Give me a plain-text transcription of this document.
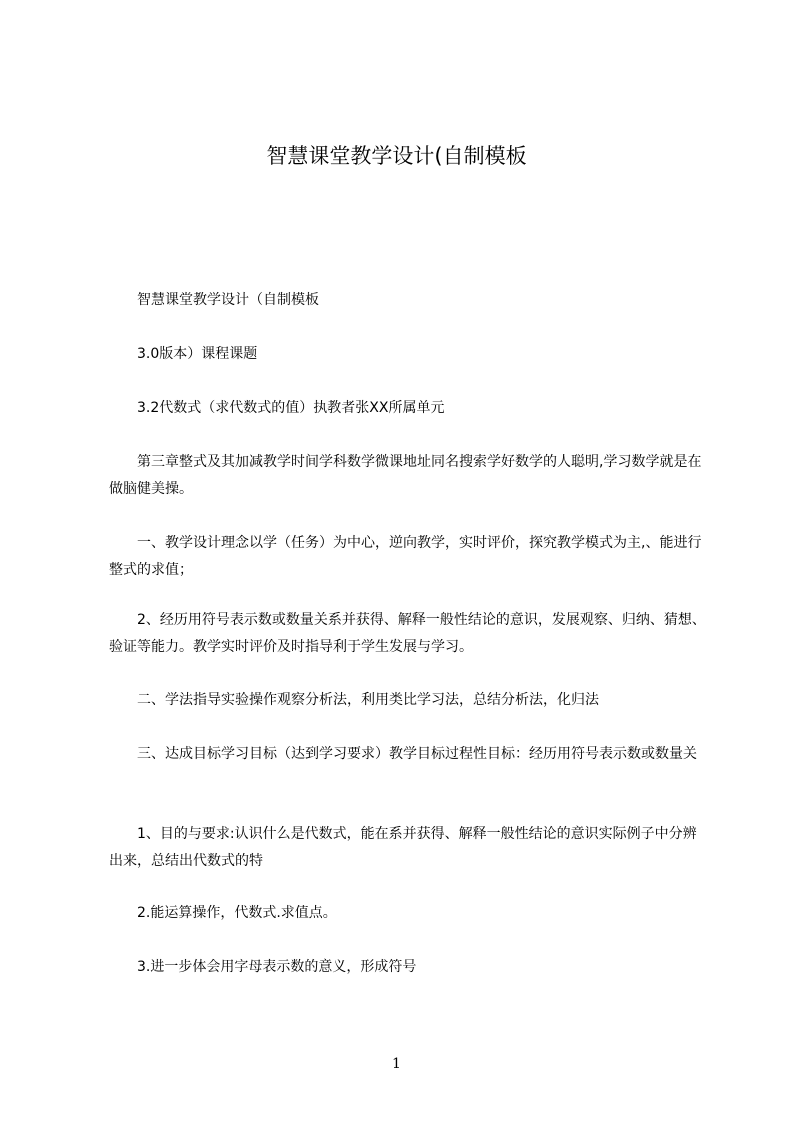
智慧课堂教学设计(自制模板

　　智慧课堂教学设计（自制模板

　　3.0版本）课程课题

　　3.2代数式（求代数式的值）执教者张XX所属单元

　　第三章整式及其加减教学时间学科数学微课地址同名搜索学好数学的人聪明,学习数学就是在做脑健美操。

　　一、教学设计理念以学（任务）为中心，逆向教学，实时评价，探究教学模式为主,、能进行整式的求值；

　　2、经历用符号表示数或数量关系并获得、解释一般性结论的意识，发展观察、归纳、猜想、验证等能力。教学实时评价及时指导利于学生发展与学习。

　　二、学法指导实验操作观察分析法，利用类比学习法，总结分析法，化归法

　　三、达成目标学习目标（达到学习要求）教学目标过程性目标：经历用符号表示数或数量关

　　1、目的与要求:认识什么是代数式，能在系并获得、解释一般性结论的意识实际例子中分辨出来，总结出代数式的特

　　2.能运算操作，代数式.求值点。

　　3.进一步体会用字母表示数的意义，形成符号

1
